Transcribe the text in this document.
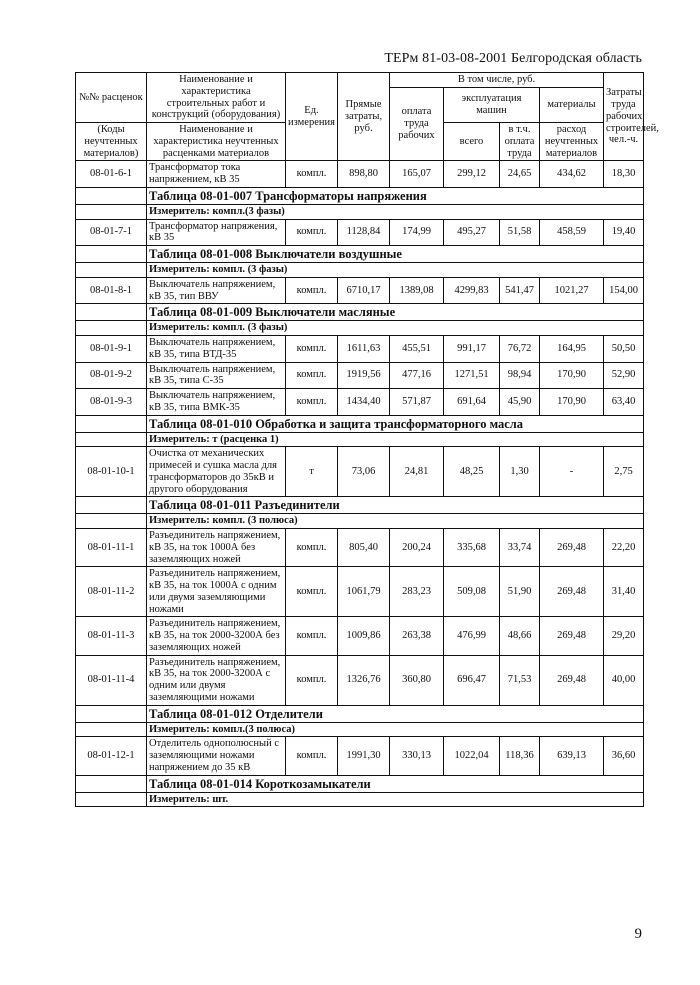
ТЕРм 81-03-08-2001 Белгородская область
№№ расценок	Наименование и характеристика строительных работ и конструкций (оборудования)	Ед. измерения	Прямые затраты, руб.	В том числе, руб.				Затраты труда рабочих строителей, чел.-ч.
				оплата труда рабочих	эксплуатация машин		материалы	
(Коды неучтенных материалов)	Наименование и характеристика неучтенных расценками материалов				всего	в т.ч. оплата труда	расход неучтенных материалов	
08-01-6-1	Трансформатор тока напряжением, кВ 35	компл.	898,80	165,07	299,12	24,65	434,62	18,30
	Таблица 08-01-007 Трансформаторы напряжения							
	Измеритель: компл.(3 фазы)							
08-01-7-1	Трансформатор напряжения, кВ 35	компл.	1128,84	174,99	495,27	51,58	458,59	19,40
	Таблица 08-01-008 Выключатели воздушные							
	Измеритель: компл. (3 фазы)							
08-01-8-1	Выключатель напряжением, кВ 35, тип ВВУ	компл.	6710,17	1389,08	4299,83	541,47	1021,27	154,00
	Таблица 08-01-009 Выключатели масляные							
	Измеритель: компл. (3 фазы)							
08-01-9-1	Выключатель напряжением, кВ 35, типа ВТД-35	компл.	1611,63	455,51	991,17	76,72	164,95	50,50
08-01-9-2	Выключатель напряжением, кВ 35, типа С-35	компл.	1919,56	477,16	1271,51	98,94	170,90	52,90
08-01-9-3	Выключатель напряжением, кВ 35, типа ВМК-35	компл.	1434,40	571,87	691,64	45,90	170,90	63,40
	Таблица 08-01-010 Обработка и защита трансформаторного масла							
	Измеритель: т (расценка 1)							
08-01-10-1	Очистка от механических примесей и сушка масла для трансформаторов до 35кВ и другого оборудования	т	73,06	24,81	48,25	1,30	-	2,75
	Таблица 08-01-011 Разъединители							
	Измеритель: компл. (3 полюса)							
08-01-11-1	Разъединитель напряжением, кВ 35, на ток 1000А без заземляющих ножей	компл.	805,40	200,24	335,68	33,74	269,48	22,20
08-01-11-2	Разъединитель напряжением, кВ 35, на ток 1000А с одним или двумя заземляющими ножами	компл.	1061,79	283,23	509,08	51,90	269,48	31,40
08-01-11-3	Разъединитель напряжением, кВ 35, на ток 2000-3200А без заземляющих ножей	компл.	1009,86	263,38	476,99	48,66	269,48	29,20
08-01-11-4	Разъединитель напряжением, кВ 35, на ток 2000-3200А с одним или двумя заземляющими ножами	компл.	1326,76	360,80	696,47	71,53	269,48	40,00
	Таблица 08-01-012 Отделители							
	Измеритель: компл.(3 полюса)							
08-01-12-1	Отделитель однополюсный с заземляющими ножами напряжением до 35 кВ	компл.	1991,30	330,13	1022,04	118,36	639,13	36,60
	Таблица 08-01-014 Короткозамыкатели							
	Измеритель: шт.							
9
